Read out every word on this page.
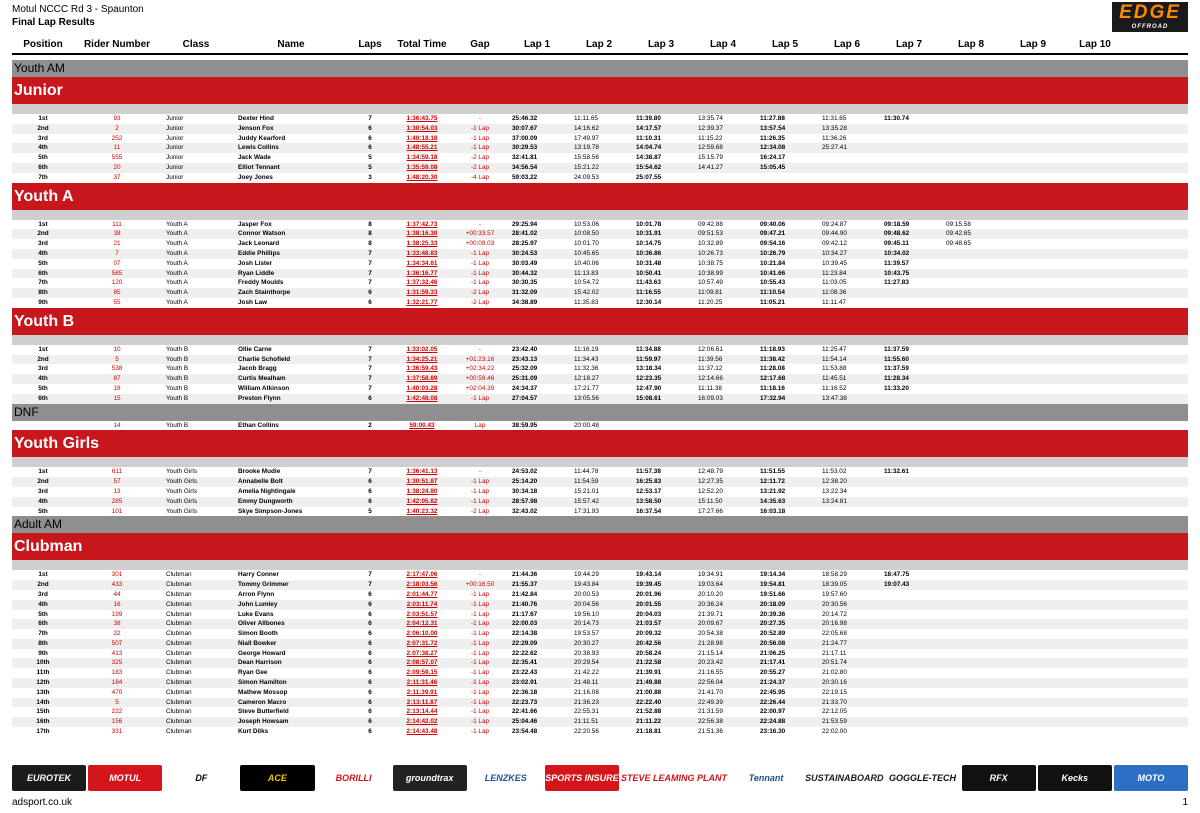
Motul NCCC Rd 3 - Spaunton
Final Lap Results	EDGE
OFFROAD
Position	Rider Number	Class	Name	Laps	Total Time	Gap	Lap 1	Lap 2	Lap 3	Lap 4	Lap 5	Lap 6	Lap 7	Lap 8	Lap 9	Lap 10
Youth AM
Junior
1st	93	Junior	Dexter Hind	7	1:36:43.75	-	25:46.32	11:11.65	11:39.80	13:35.74	11:27.88	11:31.65	11:30.74
2nd	2	Junior	Jenson Fox	6	1:30:54.03	-1 Lap	30:07.67	14:16.62	14:17.57	12:39.37	13:57.54	13:35.28
3rd	252	Junior	Juddy Kearford	6	1:40:18.18	-1 Lap	37:00.09	17:49.97	11:10.31	11:15.22	11:26.35	11:36.26
4th	11	Junior	Lewis Collins	6	1:48:55.21	-1 Lap	30:29.53	13:19.78	14:04.74	12:59.68	12:34.08	25:27.41
5th	555	Junior	Jack Wade	5	1:34:59.18	-2 Lap	32:41.81	15:58.56	14:38.87	15:15.79	16:24.17
6th	20	Junior	Elliot Tennant	5	1:35:59.08	-2 Lap	34:56.54	15:21.22	15:54.62	14:41.27	15:05.45
7th	37	Junior	Joey Jones	3	1:48:20.30	-4 Lap	59:03.22	24:09.53	25:07.55
Youth A
1st	111	Youth A	Jasper Fox	8	1:37:42.73	-	29:25.94	10:53.06	10:01.78	09:42.88	09:40.06	09:24.87	09:18.59	09:15.58
2nd	38	Youth A	Connor Watson	8	1:38:16.30	+00:33.57	28:41.02	10:08.50	10:31.91	09:51.53	09:47.21	09:44.90	09:48.62	09:42.65
3rd	21	Youth A	Jack Leonard	8	1:38:25.33	+00:09.03	28:25.97	10:01.70	10:14.75	10:32.89	09:54.16	09:42.12	09:45.11	09:48.65
4th	7	Youth A	Eddie Phillips	7	1:33:48.83	-1 Lap	30:24.53	10:45.65	10:36.86	10:26.73	10:26.79	10:34.27	10:34.02
5th	07	Youth A	Josh Lister	7	1:34:34.61	-1 Lap	30:03.49	10:40.06	10:31.48	10:38.75	10:21.84	10:39.45	11:39.57
6th	585	Youth A	Ryan Liddle	7	1:36:16.77	-1 Lap	30:44.32	11:13.83	10:50.41	10:38.99	10:41.66	11:23.84	10:43.75
7th	120	Youth A	Freddy Moulds	7	1:37:32.46	-1 Lap	30:30.35	10:54.72	11:43.63	10:57.49	10:55.43	11:03.05	11:27.83
8th	85	Youth A	Zach Stainthorpe	6	1:31:59.33	-2 Lap	31:32.09	15:42.02	11:16.55	11:09.81	11:10.54	11:08.36
9th	55	Youth A	Josh Law	6	1:32:21.77	-2 Lap	34:38.89	11:35.83	12:30.14	11:20.25	11:05.21	11:11.47
Youth B
1st	10	Youth B	Ollie Carne	7	1:33:02.05	-	23:42.40	11:16.19	11:34.88	12:06.61	11:18.93	11:25.47	11:37.59
2nd	5	Youth B	Charlie Schofield	7	1:34:25.21	+01:23.16	23:43.13	11:34.43	11:59.97	11:39.56	11:38.42	11:54.14	11:55.60
3rd	538	Youth B	Jacob Bragg	7	1:36:59.43	+02:34.22	25:32.09	11:32.36	13:18.34	11:37.12	11:28.08	11:53.88	11:37.59
4th	87	Youth B	Curtis Mealham	7	1:37:58.89	+00:59.46	25:31.09	12:18.27	12:23.35	12:14.66	12:17.68	11:45.51	11:28.34
5th	18	Youth B	William Atkinson	7	1:40:03.28	+02:04.39	24:34.37	17:21.77	12:47.90	11:11.38	11:18.16	11:16.52	11:33.20
6th	15	Youth B	Preston Flynn	6	1:42:48.08	-1 Lap	27:04.57	13:05.56	15:08.61	16:09.03	17:32.94	13:47.38
DNF
14	Youth B	Ethan Collins	2	59:00.43	Lap	38:59.95	20:00.48
Youth Girls
1st	611	Youth Girls	Brooke Mudie	7	1:36:41.13	-	24:53.02	11:44.78	11:57.38	12:48.79	11:51.55	11:53.02	11:32.61
2nd	57	Youth Girls	Annabelle Bolt	6	1:30:51.87	-1 Lap	25:14.20	11:54.59	16:25.83	12:27.35	12:11.72	12:38.20
3rd	13	Youth Girls	Amelia Nightingale	6	1:38:24.80	-1 Lap	30:34.18	15:21.01	12:53.17	12:52.20	13:21.92	13:22.34
4th	285	Youth Girls	Emmy Dungworth	6	1:42:05.82	-1 Lap	28:57.98	15:57.42	13:58.50	15:11.50	14:35.63	13:24.81
5th	101	Youth Girls	Skye Simpson-Jones	5	1:40:23.32	-2 Lap	32:43.02	17:31.93	16:37.54	17:27.66	16:03.18
Adult AM
Clubman
1st	301	Clubman	Harry Conner	7	2:17:47.06	-	21:44.36	19:44.29	19:43.14	19:34.91	19:14.34	18:58.29	18:47.75
2nd	433	Clubman	Tommy Grimmer	7	2:18:03.56	+00:16.50	21:55.37	19:43.84	19:39.45	19:03.64	19:54.81	18:39.05	19:07.43
3rd	44	Clubman	Arron Flynn	6	2:01:44.77	-1 Lap	21:42.84	20:00.53	20:01.96	20:10.20	19:51.66	19:57.60
4th	16	Clubman	John Lumley	6	2:03:11.74	-1 Lap	21:40.76	20:04.56	20:01.55	20:36.24	20:18.09	20:30.56
5th	199	Clubman	Luke Evans	6	2:03:51.57	-1 Lap	21:17.67	19:56.10	20:04.03	21:39.71	20:39.36	20:14.72
6th	38	Clubman	Oliver Allbones	6	2:04:12.31	-1 Lap	22:00.03	20:14.73	21:03.57	20:09.67	20:27.35	20:16.98
7th	22	Clubman	Simon Booth	6	2:06:10.00	-1 Lap	22:14.38	19:53.57	20:09.32	20:54.38	20:52.89	22:05.68
8th	507	Clubman	Niall Bowker	6	2:07:31.72	-1 Lap	22:29.09	20:30.27	20:42.56	21:28.98	20:56.08	21:24.77
9th	413	Clubman	George Howard	6	2:07:38.27	-1 Lap	22:22.62	20:38.93	20:58.24	21:15.14	21:06.25	21:17.11
10th	325	Clubman	Dean Harrison	6	2:08:57.07	-1 Lap	22:35.41	20:29.54	21:22.58	20:23.42	21:17.41	20:51.74
11th	183	Clubman	Ryan Gee	6	2:09:59.15	-1 Lap	23:22.43	21:42.22	21:39.91	21:16.55	20:55.27	21:02.80
12th	184	Clubman	Simon Hamilton	6	2:11:31.46	-1 Lap	23:02.91	21:48.11	21:49.88	22:56.04	21:24.37	20:30.16
13th	470	Clubman	Mathew Mossop	6	2:11:39.91	-1 Lap	22:36.18	21:16.08	21:00.88	21:41.70	22:45.95	22:19.15
14th	5	Clubman	Cameron Macro	6	2:13:11.87	-1 Lap	22:23.73	21:36.23	22:22.40	22:49.39	22:26.44	21:33.70
15th	222	Clubman	Steve Butterfield	6	2:13:14.44	-1 Lap	22:41.66	22:55.31	21:52.88	21:31.59	22:00.97	22:12.05
16th	156	Clubman	Joseph Howsam	6	2:14:42.02	-1 Lap	25:04.46	21:11.51	21:11.22	22:56.38	22:24.88	21:53.59
17th	331	Clubman	Kurt Dilks	6	2:14:43.48	-1 Lap	23:54.48	22:20.56	21:18.81	21:51.36	23:16.30	22:02.00
EUROTEK	MOTUL	DF	ACE	BORILLI	groundtrax	LENZKES	SPORTS INSURE STEVE LEAMING PLANT	Tennant	SUSTAINABOARD GOGGLE-TECH	RFX	Kecks	MOTO
adsport.co.uk	1
